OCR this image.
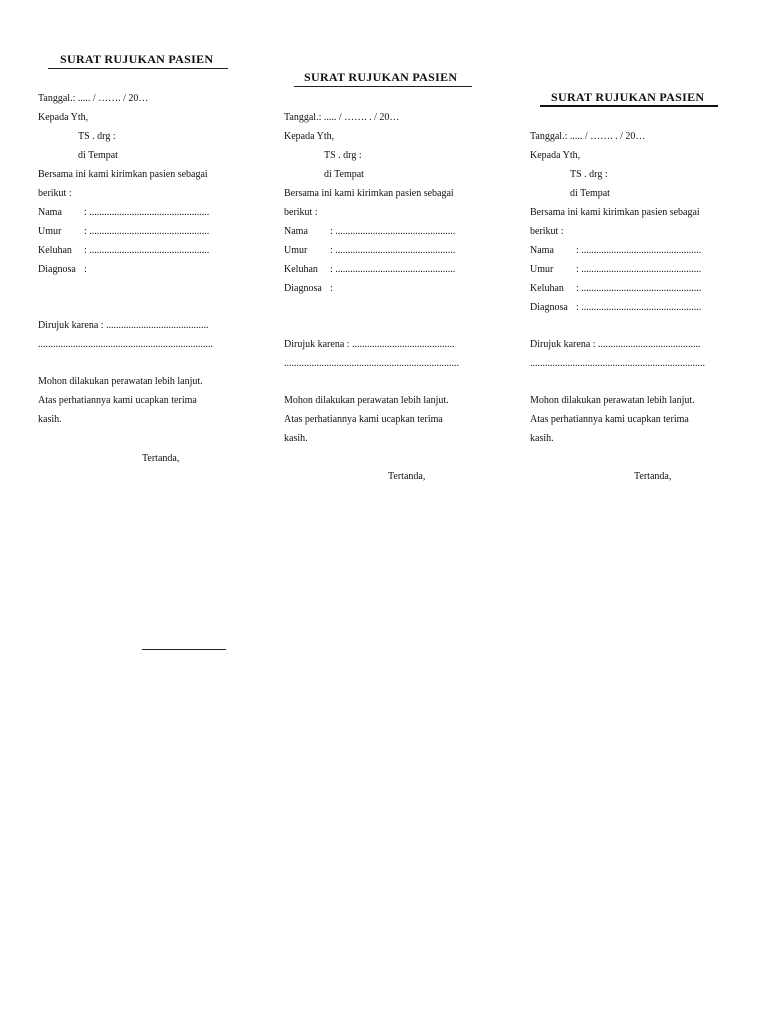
SURAT RUJUKAN PASIEN
Tanggal.: ..... / ……. / 20…
Kepada Yth,
TS . drg :
di Tempat
Bersama ini kami kirimkan pasien sebagai
berikut :
Nama : ................................................
Umur : ................................................
Keluhan : ................................................
Diagnosa :
Dirujuk karena : .........................................
......................................................................
Mohon dilakukan perawatan lebih lanjut.
Atas perhatiannya kami ucapkan terima
kasih.
Tertanda,
SURAT RUJUKAN PASIEN
Tanggal.: ..... / ……. . / 20…
Kepada Yth,
TS . drg :
di Tempat
Bersama ini kami kirimkan pasien sebagai
berikut :
Nama : ................................................
Umur : ................................................
Keluhan : ................................................
Diagnosa :
Dirujuk karena : .........................................
......................................................................
Mohon dilakukan perawatan lebih lanjut.
Atas perhatiannya kami ucapkan terima
kasih.
Tertanda,
SURAT RUJUKAN PASIEN
Tanggal.: ..... / ……. . / 20…
Kepada Yth,
TS . drg :
di Tempat
Bersama ini kami kirimkan pasien sebagai
berikut :
Nama : ................................................
Umur : ................................................
Keluhan : ................................................
Diagnosa : ................................................
Dirujuk karena : .........................................
......................................................................
Mohon dilakukan perawatan lebih lanjut.
Atas perhatiannya kami ucapkan terima
kasih.
Tertanda,
